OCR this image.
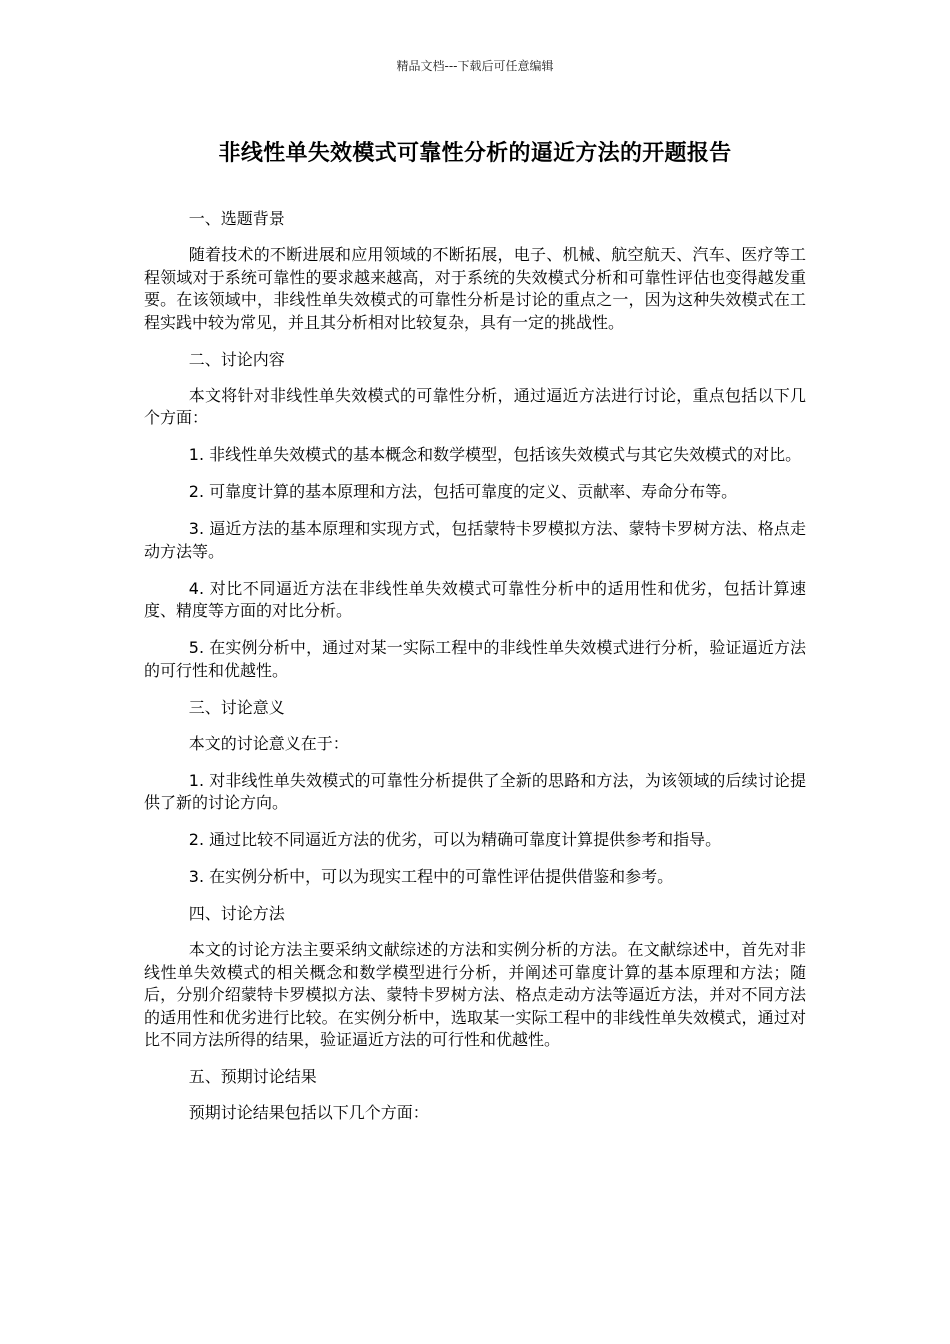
精品文档---下载后可任意编辑
非线性单失效模式可靠性分析的逼近方法的开题报告

一、选题背景

随着技术的不断进展和应用领域的不断拓展，电子、机械、航空航天、汽车、医疗等工程领域对于系统可靠性的要求越来越高，对于系统的失效模式分析和可靠性评估也变得越发重要。在该领域中，非线性单失效模式的可靠性分析是讨论的重点之一，因为这种失效模式在工程实践中较为常见，并且其分析相对比较复杂，具有一定的挑战性。

二、讨论内容

本文将针对非线性单失效模式的可靠性分析，通过逼近方法进行讨论，重点包括以下几个方面：

1. 非线性单失效模式的基本概念和数学模型，包括该失效模式与其它失效模式的对比。

2. 可靠度计算的基本原理和方法，包括可靠度的定义、贡献率、寿命分布等。

3. 逼近方法的基本原理和实现方式，包括蒙特卡罗模拟方法、蒙特卡罗树方法、格点走动方法等。

4. 对比不同逼近方法在非线性单失效模式可靠性分析中的适用性和优劣，包括计算速度、精度等方面的对比分析。

5. 在实例分析中，通过对某一实际工程中的非线性单失效模式进行分析，验证逼近方法的可行性和优越性。

三、讨论意义

本文的讨论意义在于：

1. 对非线性单失效模式的可靠性分析提供了全新的思路和方法，为该领域的后续讨论提供了新的讨论方向。

2. 通过比较不同逼近方法的优劣，可以为精确可靠度计算提供参考和指导。

3. 在实例分析中，可以为现实工程中的可靠性评估提供借鉴和参考。

四、讨论方法

本文的讨论方法主要采纳文献综述的方法和实例分析的方法。在文献综述中，首先对非线性单失效模式的相关概念和数学模型进行分析，并阐述可靠度计算的基本原理和方法；随后，分别介绍蒙特卡罗模拟方法、蒙特卡罗树方法、格点走动方法等逼近方法，并对不同方法的适用性和优劣进行比较。在实例分析中，选取某一实际工程中的非线性单失效模式，通过对比不同方法所得的结果，验证逼近方法的可行性和优越性。

五、预期讨论结果

预期讨论结果包括以下几个方面：
